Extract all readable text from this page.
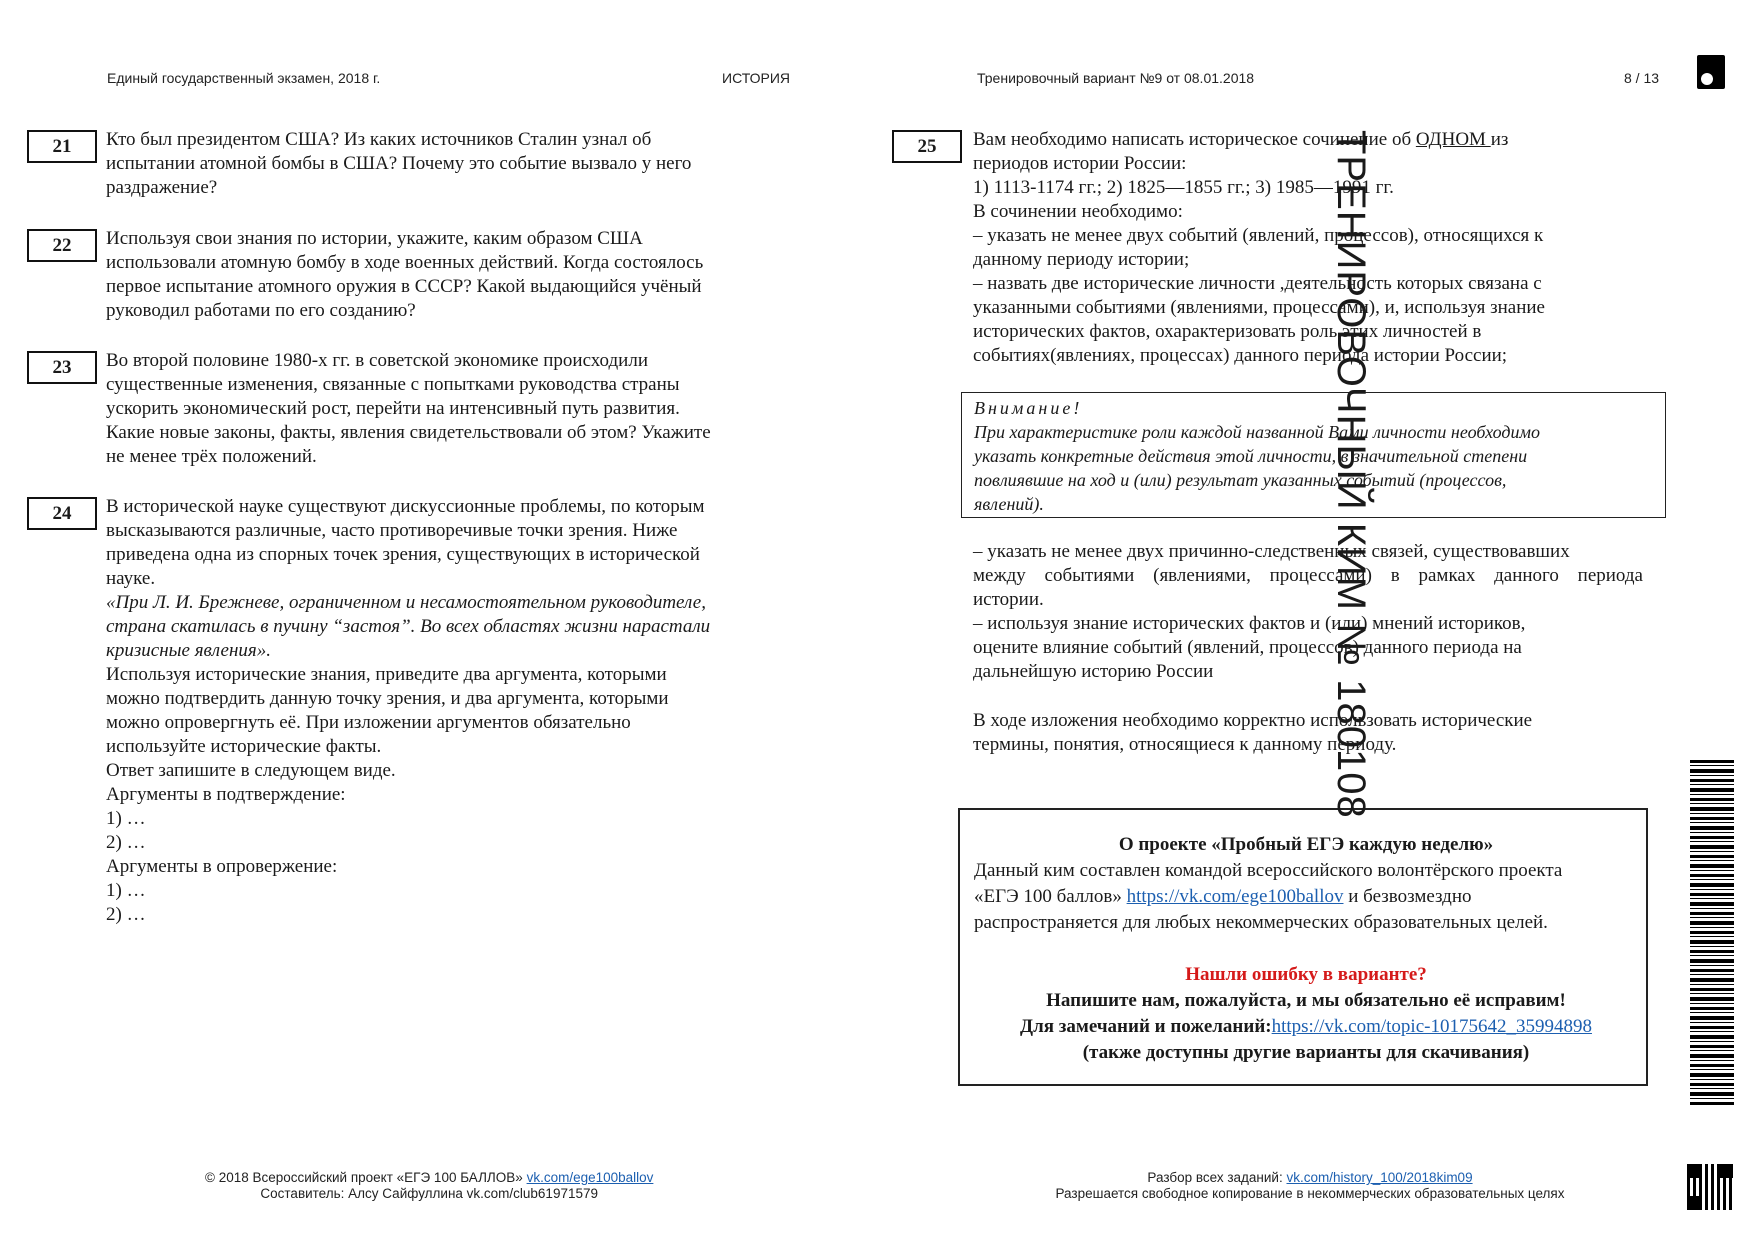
Единый государственный экзамен, 2018 г.	ИСТОРИЯ	Тренировочный вариант №9 от 08.01.2018	8 / 13
21	Кто был президентом США? Из каких источников Сталин узнал об

испытании атомной бомбы в США? Почему это событие вызвало у него

раздражение?

22	Используя свои знания по истории, укажите, каким образом США

использовали атомную бомбу в ходе военных действий. Когда состоялось

первое испытание атомного оружия в СССР? Какой выдающийся учёный

руководил работами по его созданию?

23	Во второй половине 1980-х гг. в советской экономике происходили

существенные изменения, связанные с попытками руководства страны

ускорить экономический рост, перейти на интенсивный путь развития.

Какие новые законы, факты, явления свидетельствовали об этом? Укажите

не менее трёх положений.

24	В исторической науке существуют дискуссионные проблемы, по которым

высказываются различные, часто противоречивые точки зрения. Ниже

приведена одна из спорных точек зрения, существующих в исторической

науке.

«При Л. И. Брежневе, ограниченном и несамостоятельном руководителе,

страна скатилась в пучину “застоя”. Во всех областях жизни нарастали

кризисные явления».

Используя исторические знания, приведите два аргумента, которыми

можно подтвердить данную точку зрения, и два аргумента, которыми

можно опровергнуть её. При изложении аргументов обязательно

используйте исторические факты.

Ответ запишите в следующем виде.

Аргументы в подтверждение:

1) …

2) …

Аргументы в опровержение:

1) …

2) …

25	Вам необходимо написать историческое сочинение об ОДНОМ из

периодов истории России:

1) 1113-1174 гг.; 2) 1825—1855 гг.; 3) 1985—1991 гг.

В сочинении необходимо:

– указать не менее двух событий (явлений, процессов), относящихся к

данному периоду истории;

– назвать две исторические личности ,деятельность которых связана с

указанными событиями (явлениями, процессами), и, используя знание

исторических фактов, охарактеризовать роль этих личностей в

событиях(явлениях, процессах) данного периода истории России;

Внимание!

При характеристике роли каждой названной Вами личности необходимо

указать конкретные действия этой личности, в значительной степени

повлиявшие на ход и (или) результат указанных событий (процессов,

явлений).

– указать не менее двух причинно-следственных связей, существовавших

между событиями (явлениями, процессами) в рамках данного периода

истории.

– используя знание исторических фактов и (или) мнений историков,

оцените влияние событий (явлений, процессов) данного периода на

дальнейшую историю России

В ходе изложения необходимо корректно использовать исторические

термины, понятия, относящиеся к данному периоду.

О проекте «Пробный ЕГЭ каждую неделю»

Данный ким составлен командой всероссийского волонтёрского проекта

«ЕГЭ 100 баллов» https://vk.com/ege100ballov и безвозмездно

распространяется для любых некоммерческих образовательных целей.

Нашли ошибку в варианте?

Напишите нам, пожалуйста, и мы обязательно её исправим!

Для замечаний и пожеланий:https://vk.com/topic-10175642_35994898

(также доступны другие варианты для скачивания)

© 2018 Всероссийский проект «ЕГЭ 100 БАЛЛОВ» vk.com/ege100ballov
Составитель: Алсу Сайфуллина vk.com/club61971579
Разбор всех заданий: vk.com/history_100/2018kim09
Разрешается свободное копирование в некоммерческих образовательных целях
ТРЕНИРОВОЧНЫЙ КИМ № 180108
